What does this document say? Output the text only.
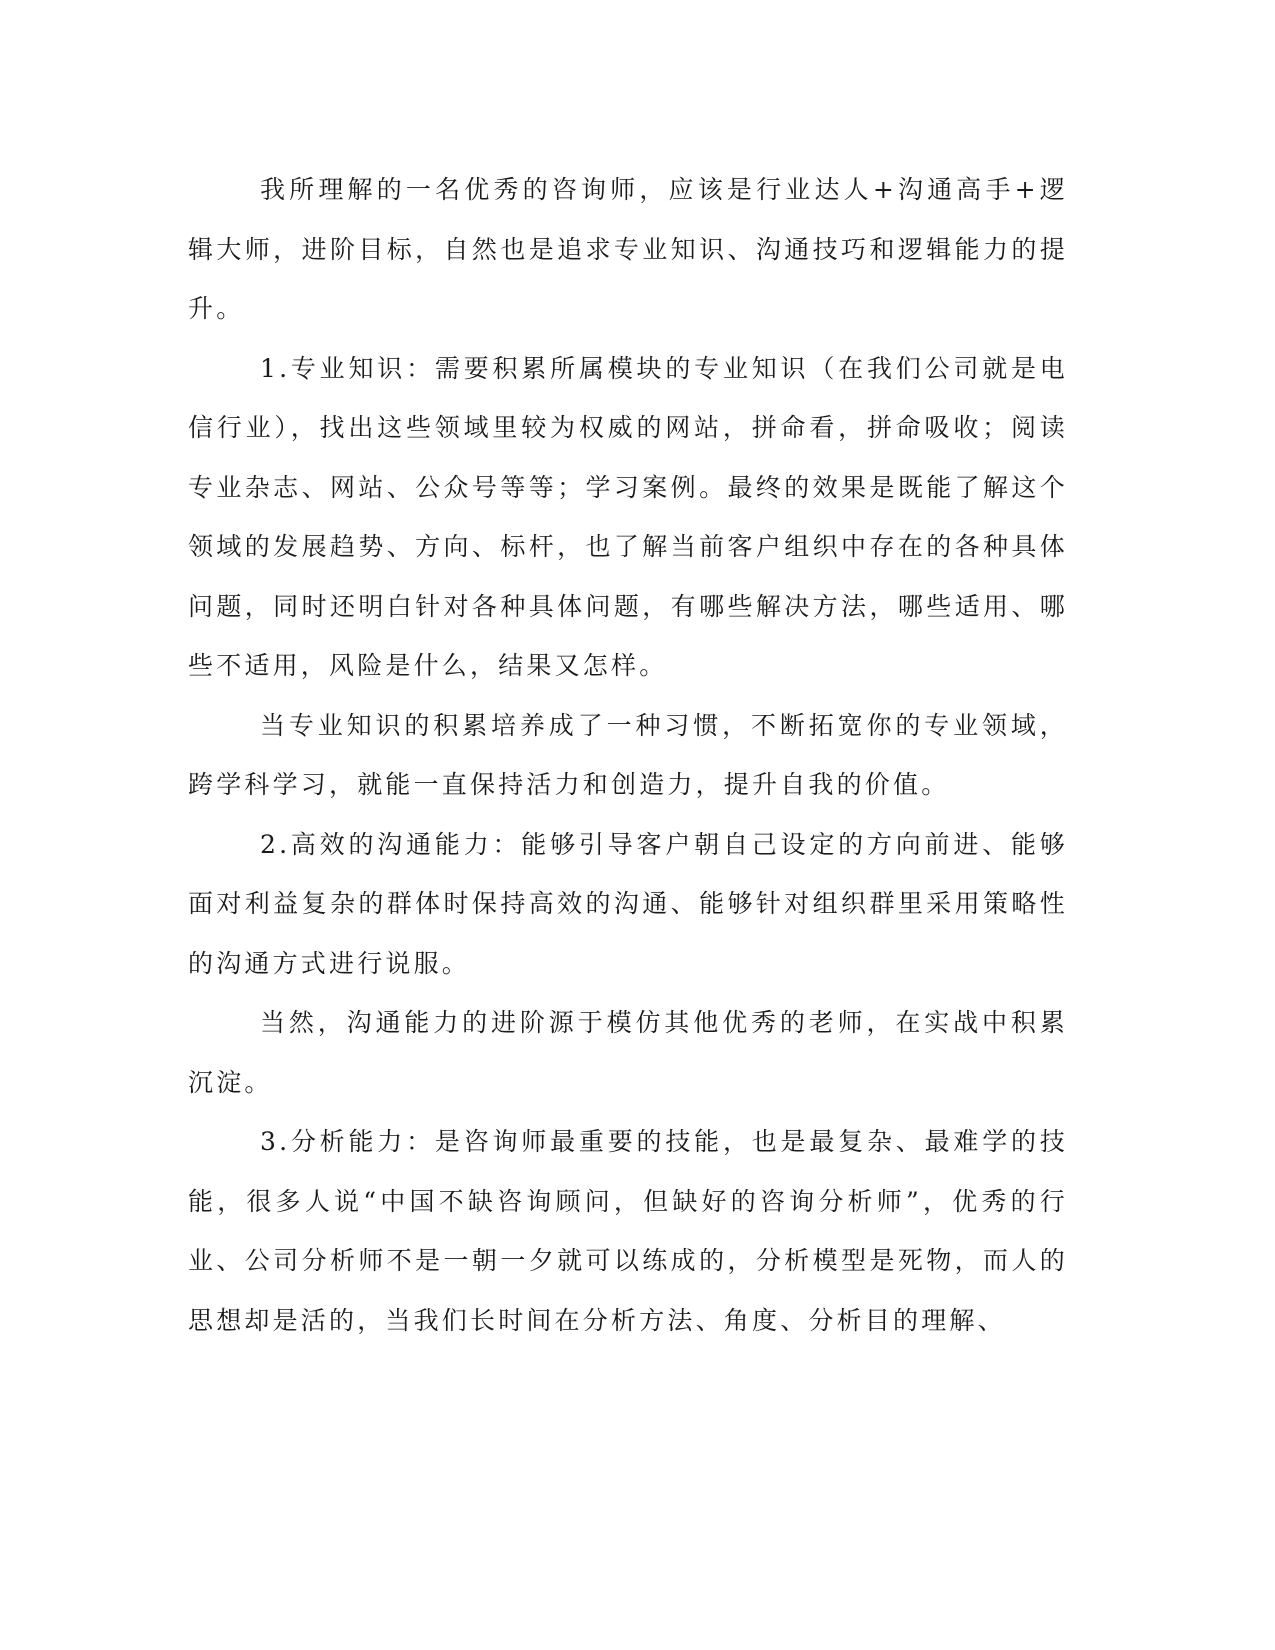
我所理解的一名优秀的咨询师，应该是行业达人+沟通高手+逻辑大师，进阶目标，自然也是追求专业知识、沟通技巧和逻辑能力的提升。

1.专业知识：需要积累所属模块的专业知识（在我们公司就是电信行业），找出这些领域里较为权威的网站，拼命看，拼命吸收；阅读专业杂志、网站、公众号等等；学习案例。最终的效果是既能了解这个领域的发展趋势、方向、标杆，也了解当前客户组织中存在的各种具体问题，同时还明白针对各种具体问题，有哪些解决方法，哪些适用、哪些不适用，风险是什么，结果又怎样。

当专业知识的积累培养成了一种习惯，不断拓宽你的专业领域，跨学科学习，就能一直保持活力和创造力，提升自我的价值。

2.高效的沟通能力：能够引导客户朝自己设定的方向前进、能够面对利益复杂的群体时保持高效的沟通、能够针对组织群里采用策略性的沟通方式进行说服。

当然，沟通能力的进阶源于模仿其他优秀的老师，在实战中积累沉淀。

3.分析能力：是咨询师最重要的技能，也是最复杂、最难学的技能，很多人说“中国不缺咨询顾问，但缺好的咨询分析师”，优秀的行业、公司分析师不是一朝一夕就可以练成的，分析模型是死物，而人的思想却是活的，当我们长时间在分析方法、角度、分析目的理解、
